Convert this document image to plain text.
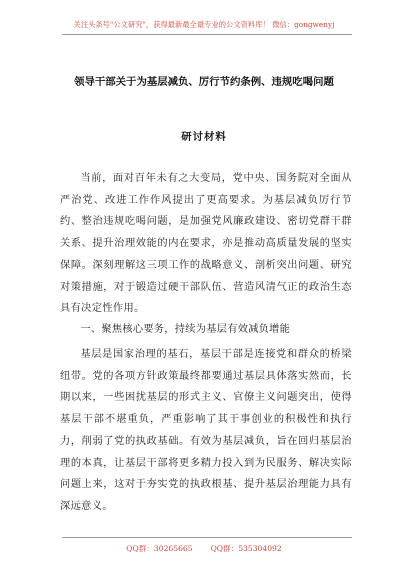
关注头条号"公文研究"，获得最新最全最专业的公文资料库！ 微信：gongwenyj
领导干部关于为基层减负、厉行节约条例、违规吃喝问题
研讨材料

当前，面对百年未有之大变局，党中央、国务院对全面从严治党、改进工作作风提出了更高要求。为基层减负厉行节约、整治违规吃喝问题，是加强党风廉政建设、密切党群干群关系、提升治理效能的内在要求，亦是推动高质量发展的坚实保障。深刻理解这三项工作的战略意义、剖析突出问题、研究对策措施，对于锻造过硬干部队伍、营造风清气正的政治生态具有决定性作用。

一、聚焦核心要务，持续为基层有效减负增能

基层是国家治理的基石，基层干部是连接党和群众的桥梁纽带。党的各项方针政策最终都要通过基层具体落实然而，长期以来，一些困扰基层的形式主义、官僚主义问题突出，使得基层干部不堪重负，严重影响了其干事创业的积极性和执行力，削弱了党的执政基础。有效为基层减负，旨在回归基层治理的本真，让基层干部将更多精力投入到为民服务、解决实际问题上来，这对于夯实党的执政根基、提升基层治理能力具有深远意义。

QQ群：30265665 QQ群：535304092
